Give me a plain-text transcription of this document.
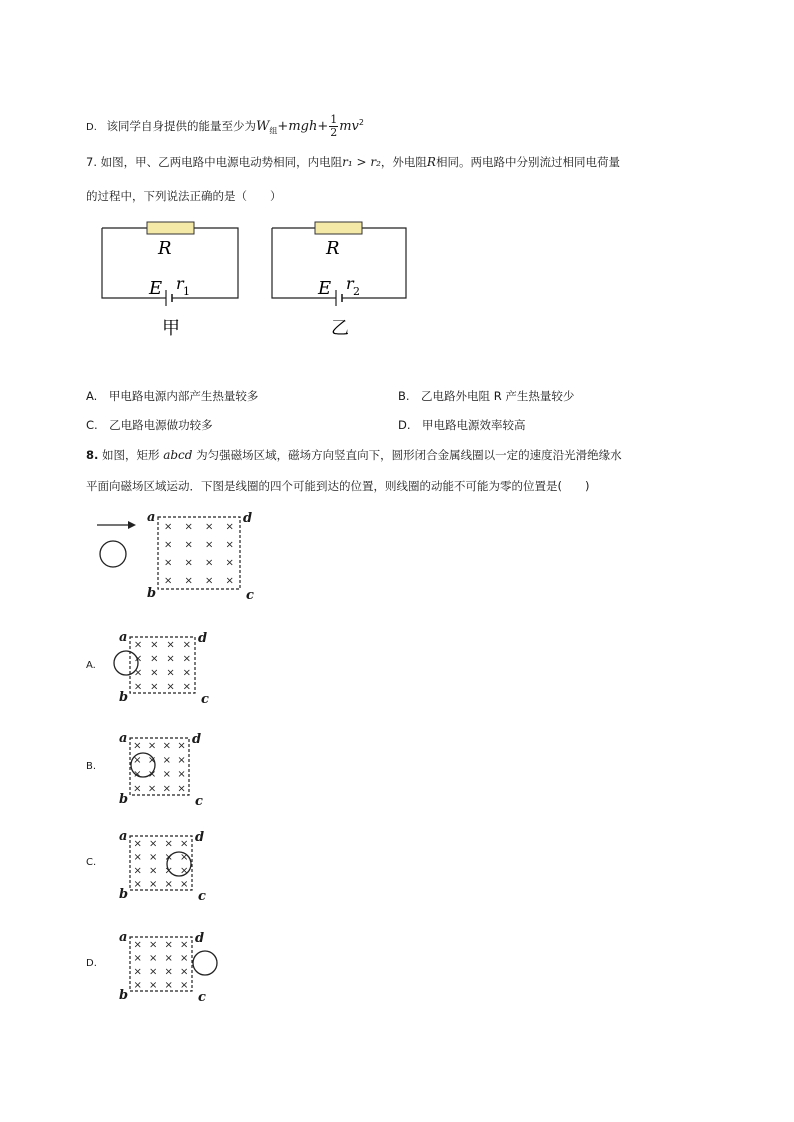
D. 该同学自身提供的能量至少为$W_组+mgh+ \frac{1}{2} mv^2$
7. 如图，甲、乙两电路中电源电动势相同，内电阻r₁ > r₂，外电阻R相同。两电路中分别流过相同电荷量
的过程中，下列说法正确的是（　　）
R
E r 1
甲
R
E r 2
乙
A.　甲电路电源内部产生热量较多	B.　乙电路外电阻 R 产生热量较少
C.　乙电路电源做功较多	D.　甲电路电源效率较高
8. 如图，矩形 abcd 为匀强磁场区域，磁场方向竖直向下，圆形闭合金属线圈以一定的速度沿光滑绝缘水
平面向磁场区域运动．下图是线圈的四个可能到达的位置，则线圈的动能不可能为零的位置是(　　)
A.
B.
C.
D.
×
×
×
×
×
×
×
×
×
×
×
×
×
×
×
×
a	d
b	c
×
×
×
×
×
×
×
×
×
×
×
×
×
×
×
×
a	d
b	c
×
×
×
×
×
×
×
×
×
×
×
×
×
×
×
×
a	d
b	c
×
×
×
×
×
×
×
×
×
×
×
×
×
×
×
×
a	d
b	c
×
×
×
×
×
×
×
×
×
×
×
×
×
×
×
×
a	d
b	c
